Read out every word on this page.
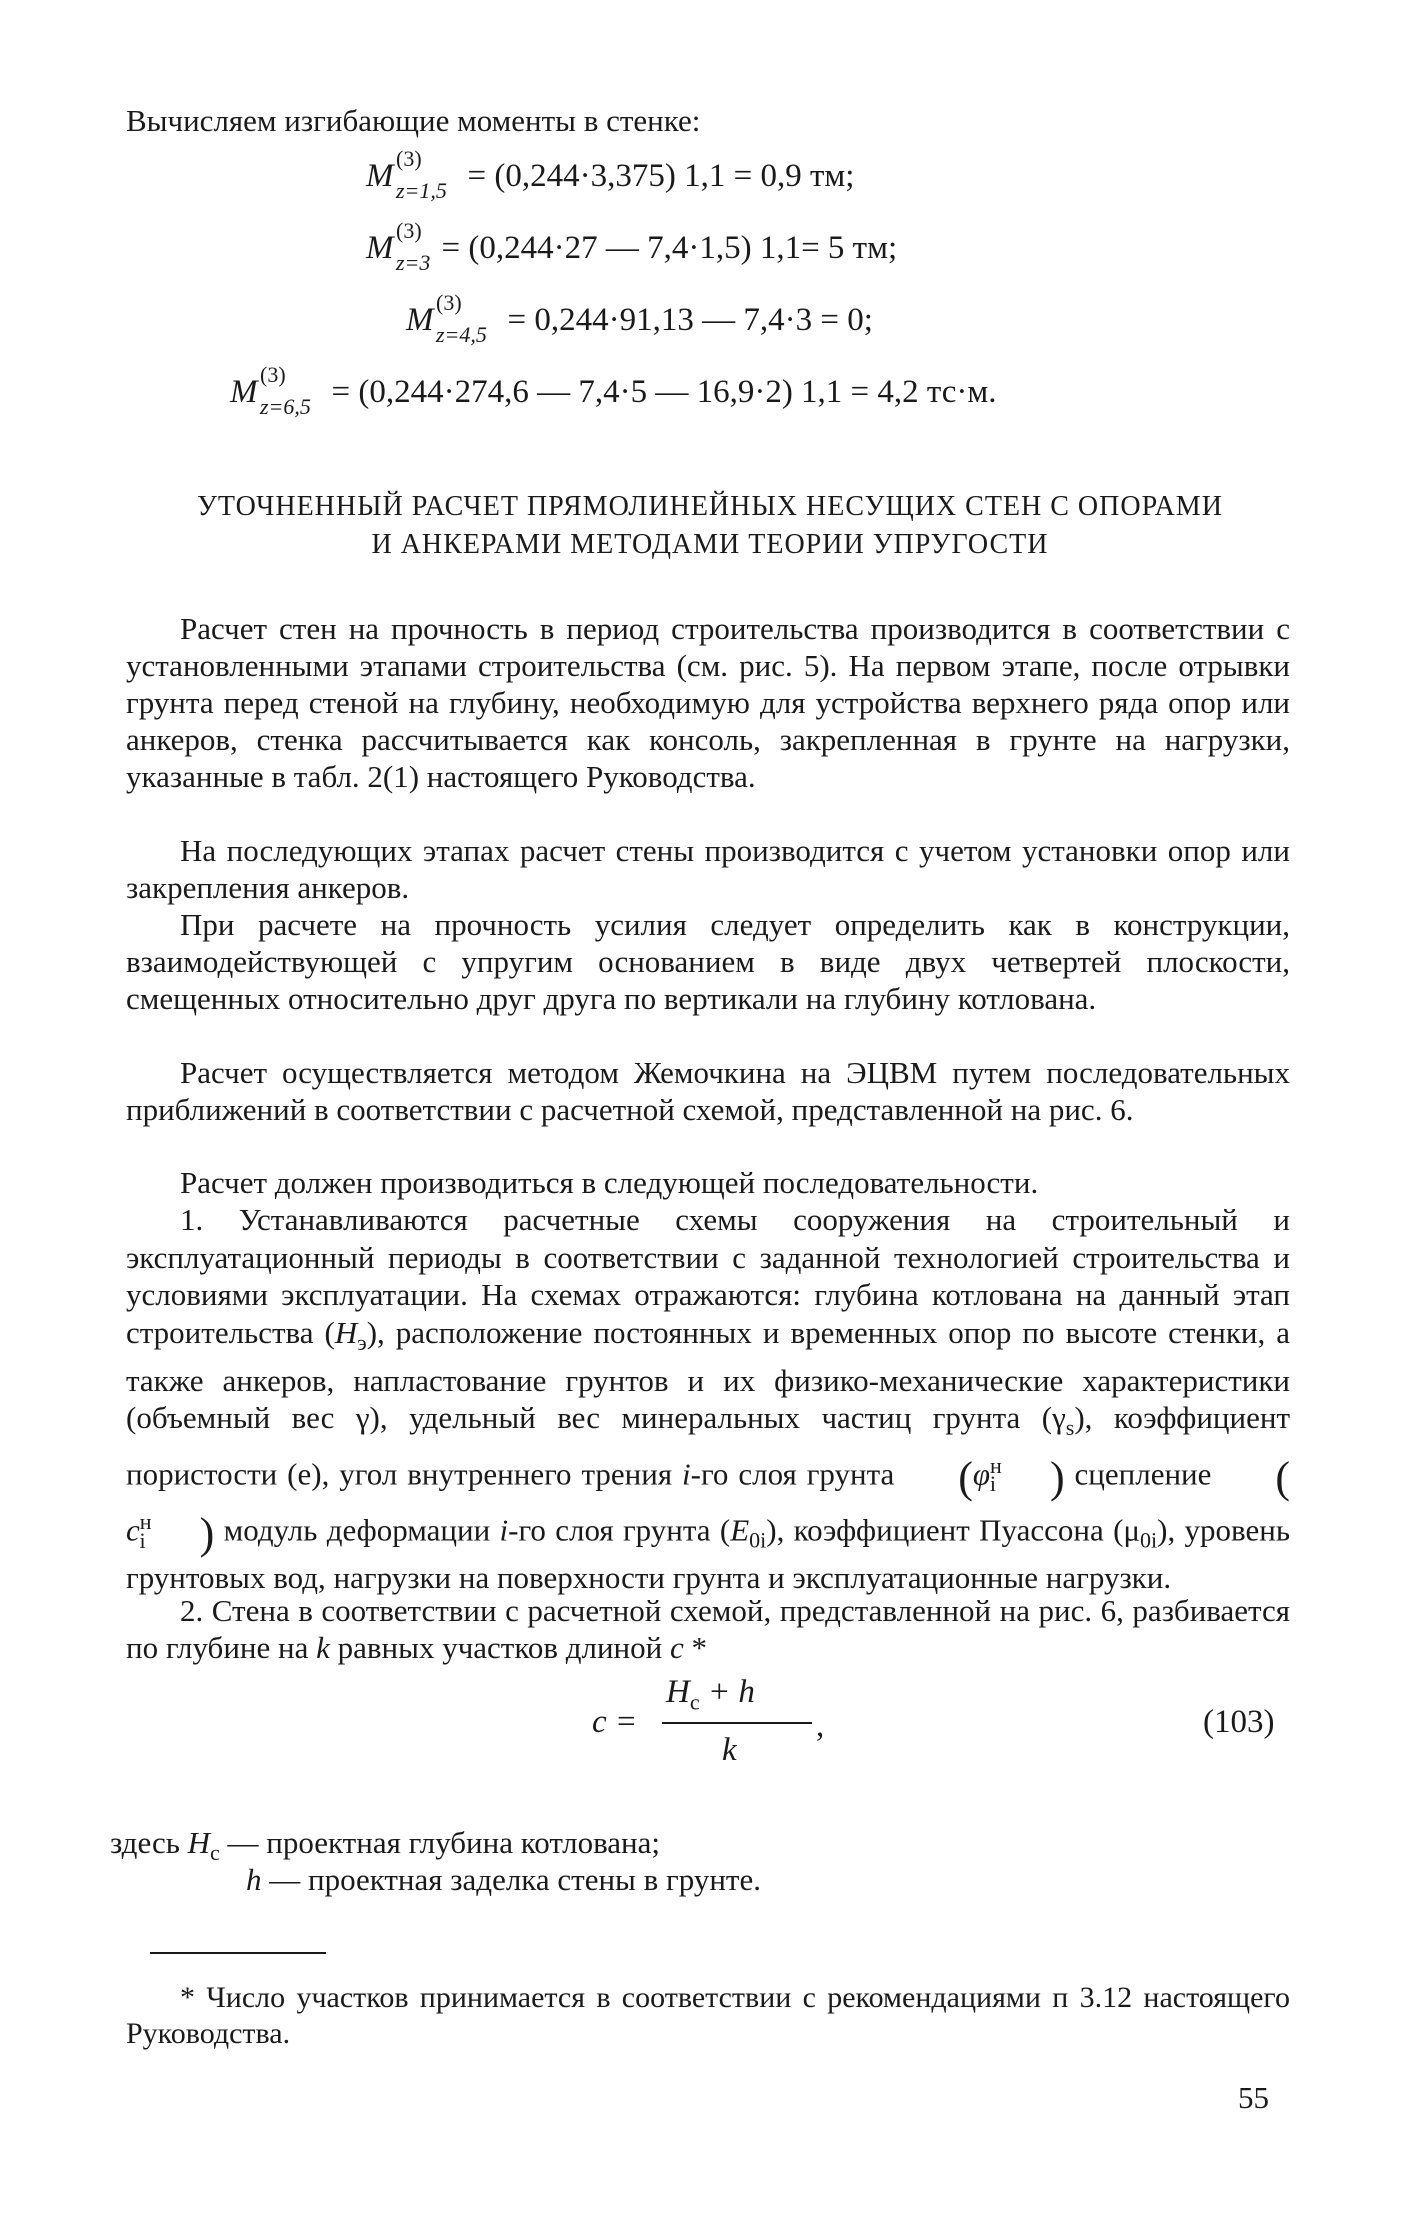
Вычисляем изгибающие моменты в стенке:

M (3)
z=1,5 = (0,244·3,375) 1,1 = 0,9 тм;
M (3)
z=3 = (0,244·27 — 7,4·1,5) 1,1= 5 тм;
M (3)
z=4,5 = 0,244·91,13 — 7,4·3 = 0;
M (3)
z=6,5 = (0,244·274,6 — 7,4·5 — 16,9·2) 1,1 = 4,2 тс·м.
УТОЧНЕННЫЙ РАСЧЕТ ПРЯМОЛИНЕЙНЫХ НЕСУЩИХ СТЕН С ОПОРАМИ
И АНКЕРАМИ МЕТОДАМИ ТЕОРИИ УПРУГОСТИ

Расчет стен на прочность в период строительства производится в соответствии с установленными этапами строительства (см. рис. 5). На первом этапе, после отрывки грунта перед стеной на глубину, необходимую для устройства верхнего ряда опор или анкеров, стенка рассчитывается как консоль, закрепленная в грунте на нагрузки, указанные в табл. 2(1) настоящего Руководства.

На последующих этапах расчет стены производится с учетом установки опор или закрепления анкеров.

При расчете на прочность усилия следует определить как в конструкции, взаимодействующей с упругим основанием в виде двух четвертей плоскости, смещенных относительно друг друга по вертикали на глубину котлована.

Расчет осуществляется методом Жемочкина на ЭЦВМ путем последовательных приближений в соответствии с расчетной схемой, представленной на рис. 6.

Расчет должен производиться в следующей последовательности.

1. Устанавливаются расчетные схемы сооружения на строительный и эксплуатационный периоды в соответствии с заданной технологией строительства и условиями эксплуатации. На схемах отражаются: глубина котлована на данный этап строительства $(H_э)$, расположение постоянных и временных опор по высоте стенки, а также анкеров, напластование грунтов и их физико-механические характеристики (объемный вес γ), удельный вес минеральных частиц грунта $(\gamma_s)$, коэффициент пористости (е), угол внутреннего трения i-го слоя грунта ($\varphi^н_i$ ) сцепление ($c^н_i$ ) модуль деформации i-го слоя грунта $(E_{0i})$, коэффициент Пуассона $(\mu_{0i})$, уровень грунтовых вод, нагрузки на поверхности грунта и эксплуатационные нагрузки.

2. Стена в соответствии с расчетной схемой, представленной на рис. 6, разбивается по глубине на k равных участков длиной c *

c =
$H_c + h$
k
,	(103)

здесь $H_c$ — проектная глубина котлована;

h — проектная заделка стены в грунте.

* Число участков принимается в соответствии с рекомендациями п 3.12 настоящего Руководства.

55
